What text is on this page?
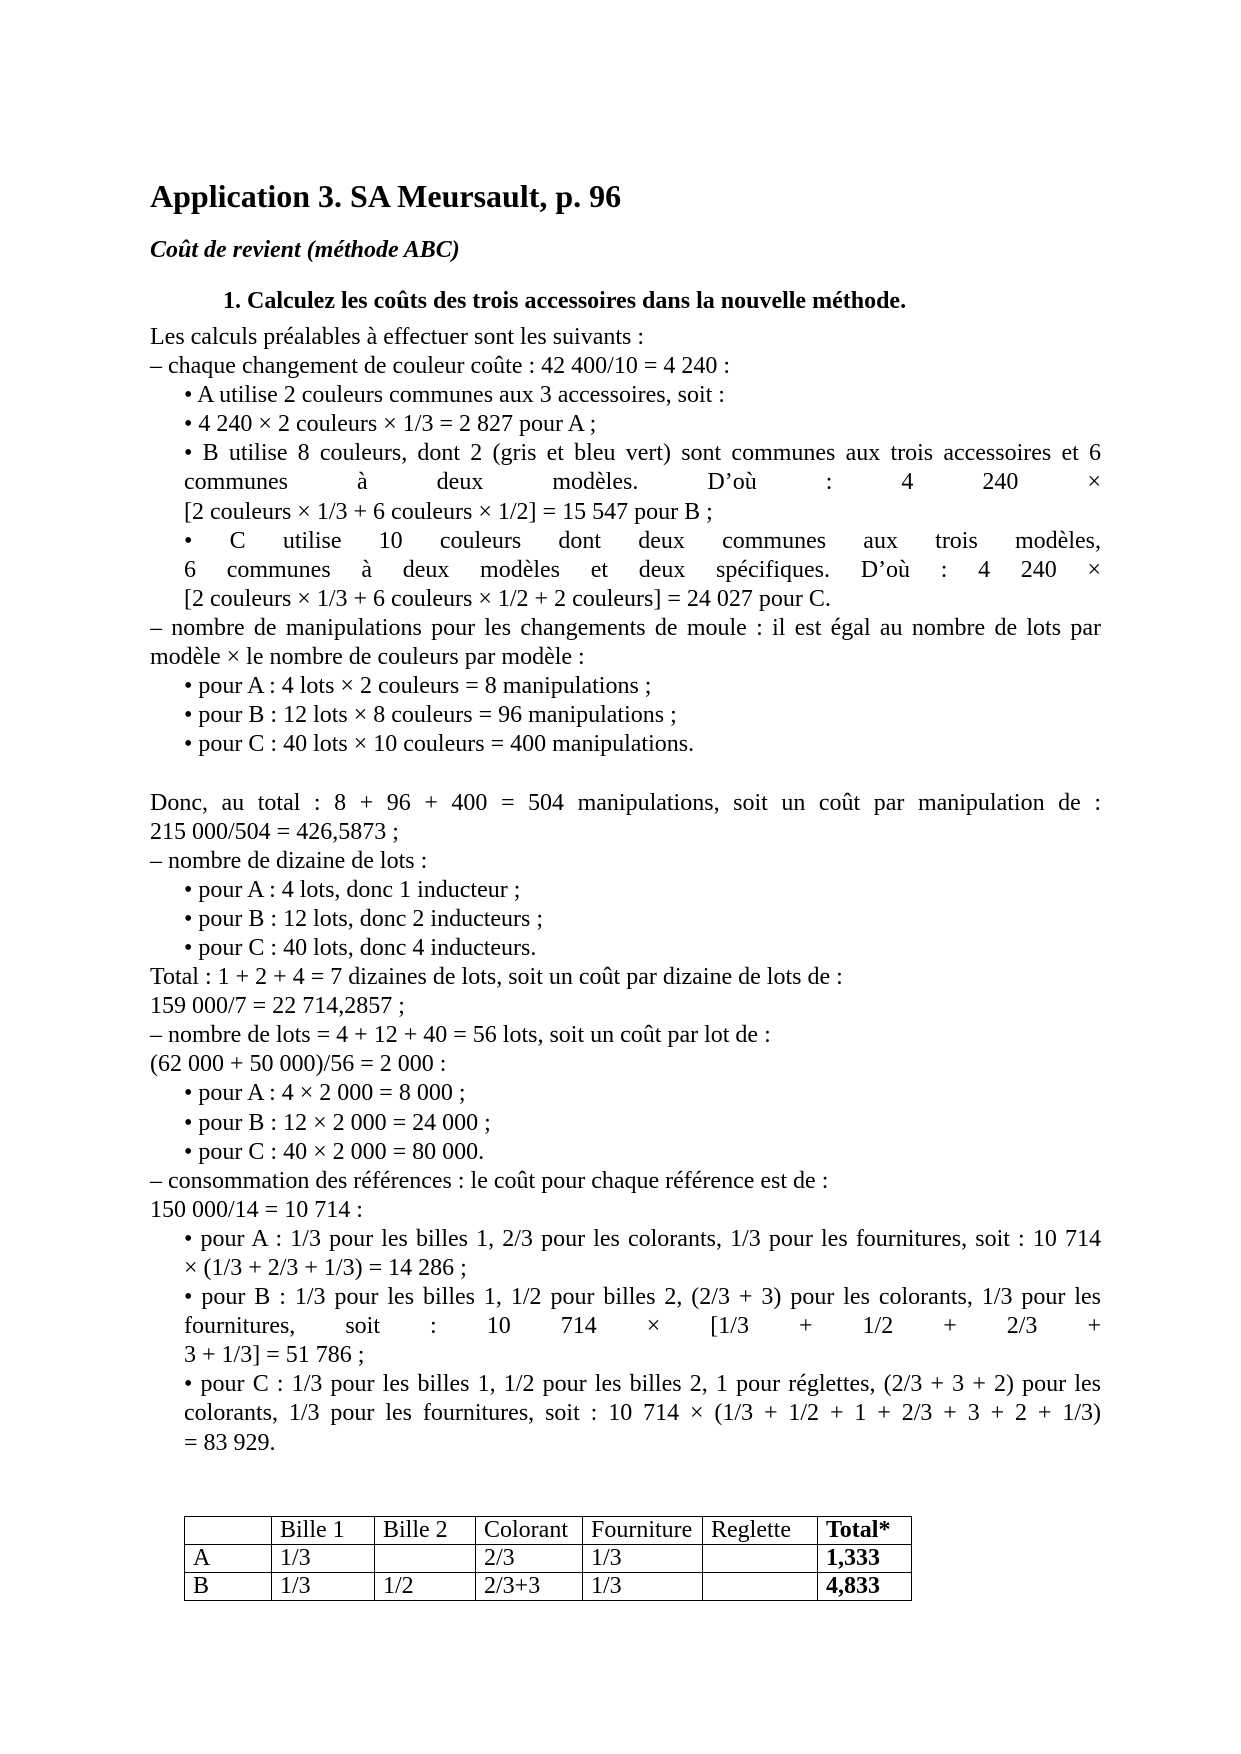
Application 3. SA Meursault, p. 96
Coût de revient (méthode ABC)
1. Calculez les coûts des trois accessoires dans la nouvelle méthode.
Les calculs préalables à effectuer sont les suivants :
– chaque changement de couleur coûte : 42 400/10 = 4 240 :
• A utilise 2 couleurs communes aux 3 accessoires, soit :
• 4 240 × 2 couleurs × 1/3 = 2 827 pour A ;
• B utilise 8 couleurs, dont 2 (gris et bleu vert) sont communes aux trois accessoires et 6
communes à deux modèles. D’où : 4 240 ×
[2 couleurs × 1/3 + 6 couleurs × 1/2] = 15 547 pour B ;
• C utilise 10 couleurs dont deux communes aux trois modèles,
6 communes à deux modèles et deux spécifiques. D’où : 4 240 ×
[2 couleurs × 1/3 + 6 couleurs × 1/2 + 2 couleurs] = 24 027 pour C.
– nombre de manipulations pour les changements de moule : il est égal au nombre de lots par
modèle × le nombre de couleurs par modèle :
• pour A : 4 lots × 2 couleurs = 8 manipulations ;
• pour B : 12 lots × 8 couleurs = 96 manipulations ;
• pour C : 40 lots × 10 couleurs = 400 manipulations.
Donc, au total : 8 + 96 + 400 = 504 manipulations, soit un coût par manipulation de :
215 000/504 = 426,5873 ;
– nombre de dizaine de lots :
• pour A : 4 lots, donc 1 inducteur ;
• pour B : 12 lots, donc 2 inducteurs ;
• pour C : 40 lots, donc 4 inducteurs.
Total : 1 + 2 + 4 = 7 dizaines de lots, soit un coût par dizaine de lots de :
159 000/7 = 22 714,2857 ;
– nombre de lots = 4 + 12 + 40 = 56 lots, soit un coût par lot de :
(62 000 + 50 000)/56 = 2 000 :
• pour A : 4 × 2 000 = 8 000 ;
• pour B : 12 × 2 000 = 24 000 ;
• pour C : 40 × 2 000 = 80 000.
– consommation des références : le coût pour chaque référence est de :
150 000/14 = 10 714 :
• pour A : 1/3 pour les billes 1, 2/3 pour les colorants, 1/3 pour les fournitures, soit : 10 714
× (1/3 + 2/3 + 1/3) = 14 286 ;
• pour B : 1/3 pour les billes 1, 1/2 pour billes 2, (2/3 + 3) pour les colorants, 1/3 pour les
fournitures, soit : 10 714 × [1/3 + 1/2 + 2/3 +
3 + 1/3] = 51 786 ;
• pour C : 1/3 pour les billes 1, 1/2 pour les billes 2, 1 pour réglettes, (2/3 + 3 + 2) pour les
colorants, 1/3 pour les fournitures, soit : 10 714 × (1/3 + 1/2 + 1 + 2/3 + 3 + 2 + 1/3)
= 83 929.
	Bille 1	Bille 2	Colorant	Fourniture	Reglette	Total*
A	1/3		2/3	1/3		1,333
B	1/3	1/2	2/3+3	1/3		4,833
